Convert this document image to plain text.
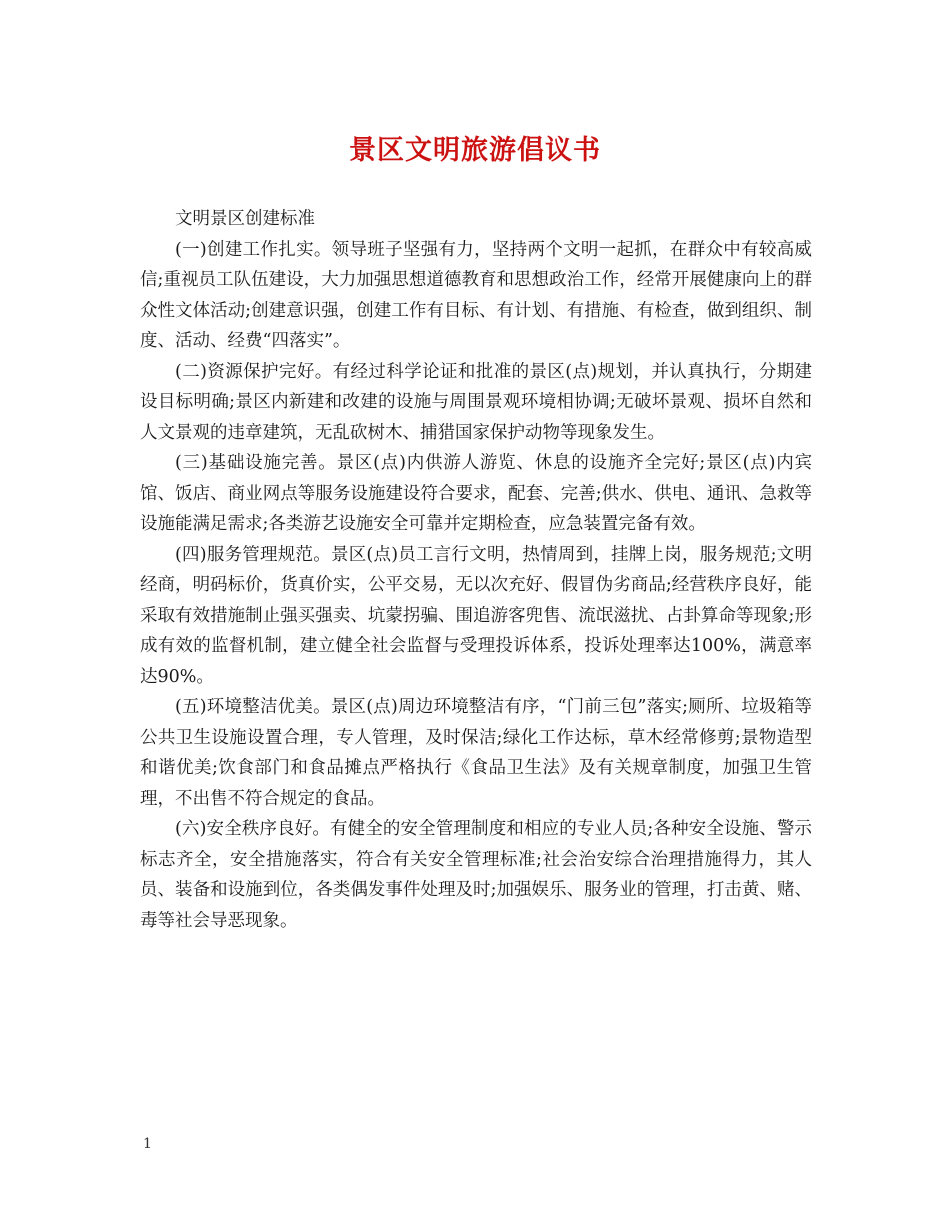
景区文明旅游倡议书

文明景区创建标准

(一)创建工作扎实。领导班子坚强有力，坚持两个文明一起抓，在群众中有较高威信;重视员工队伍建设，大力加强思想道德教育和思想政治工作，经常开展健康向上的群众性文体活动;创建意识强，创建工作有目标、有计划、有措施、有检查，做到组织、制度、活动、经费“四落实”。

(二)资源保护完好。有经过科学论证和批准的景区(点)规划，并认真执行，分期建设目标明确;景区内新建和改建的设施与周围景观环境相协调;无破坏景观、损坏自然和人文景观的违章建筑，无乱砍树木、捕猎国家保护动物等现象发生。

(三)基础设施完善。景区(点)内供游人游览、休息的设施齐全完好;景区(点)内宾馆、饭店、商业网点等服务设施建设符合要求，配套、完善;供水、供电、通讯、急救等设施能满足需求;各类游艺设施安全可靠并定期检查，应急装置完备有效。

(四)服务管理规范。景区(点)员工言行文明，热情周到，挂牌上岗，服务规范;文明经商，明码标价，货真价实，公平交易，无以次充好、假冒伪劣商品;经营秩序良好，能采取有效措施制止强买强卖、坑蒙拐骗、围追游客兜售、流氓滋扰、占卦算命等现象;形成有效的监督机制，建立健全社会监督与受理投诉体系，投诉处理率达100%，满意率达90%。

(五)环境整洁优美。景区(点)周边环境整洁有序，“门前三包”落实;厕所、垃圾箱等公共卫生设施设置合理，专人管理，及时保洁;绿化工作达标，草木经常修剪;景物造型和谐优美;饮食部门和食品摊点严格执行《食品卫生法》及有关规章制度，加强卫生管理，不出售不符合规定的食品。

(六)安全秩序良好。有健全的安全管理制度和相应的专业人员;各种安全设施、警示标志齐全，安全措施落实，符合有关安全管理标准;社会治安综合治理措施得力，其人员、装备和设施到位，各类偶发事件处理及时;加强娱乐、服务业的管理，打击黄、赌、毒等社会导恶现象。

1
